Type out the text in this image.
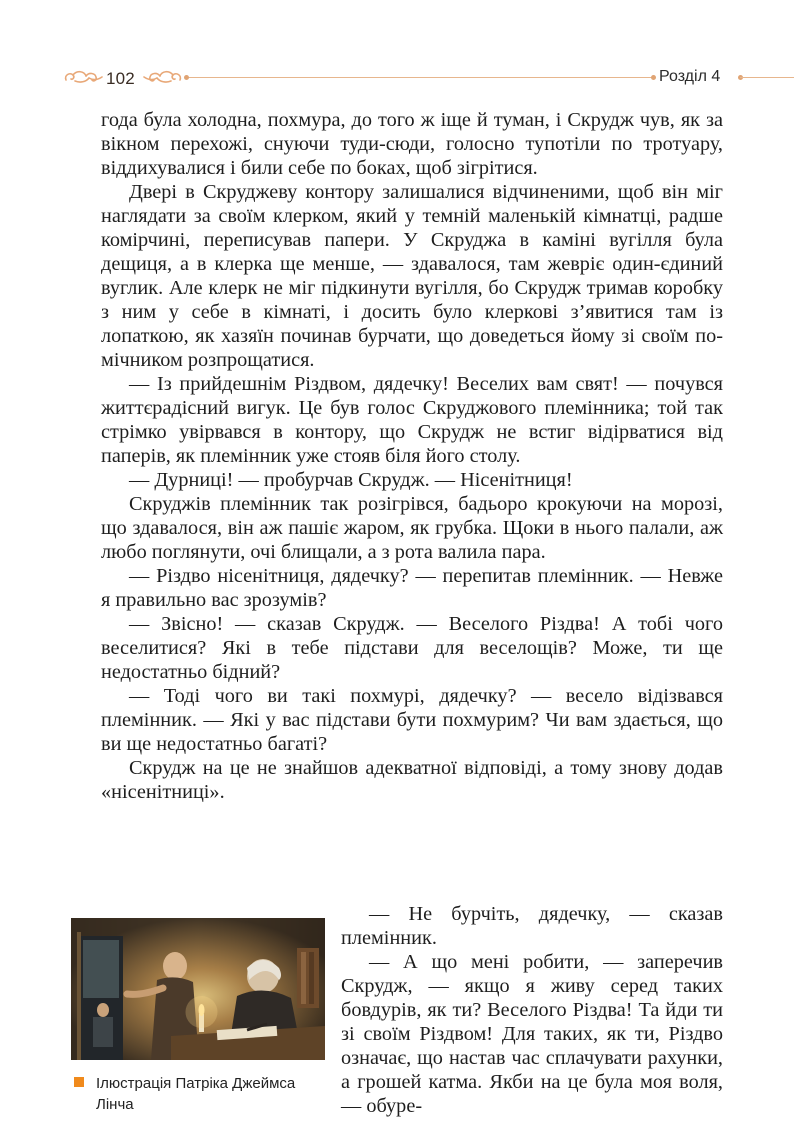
102	Розділ 4

года була холодна, похмура, до того ж іще й туман, і Скрудж чув, як за вікном перехожі, снуючи туди-сюди, голосно тупотіли по тротуару, віддихувалися і били себе по боках, щоб зігрітися.

Двері в Скруджеву контору залишалися відчиненими, щоб він міг наглядати за своїм клерком, який у темній маленькій кімнатці, радше комірчині, переписував папери. У Скруджа в каміні вугілля була дещиця, а в клерка ще менше, — здавалося, там жевріє один-єдиний вуглик. Але клерк не міг підкинути вугілля, бо Скрудж тримав коробку з ним у себе в кімнаті, і досить було клеркові з’явитися там із лопаткою, як хазяїн починав бурчати, що доведеться йому зі своїм помічником розпрощатися.

— Із прийдешнім Різдвом, дядечку! Веселих вам свят! — почувся життєрадісний вигук. Це був голос Скруджового племінника; той так стрімко увірвався в контору, що Скрудж не встиг відірватися від паперів, як племінник уже стояв біля його столу.

— Дурниці! — пробурчав Скрудж. — Нісенітниця!

Скруджів племінник так розігрівся, бадьоро крокуючи на морозі, що здавалося, він аж пашіє жаром, як грубка. Щоки в нього палали, аж любо поглянути, очі блищали, а з рота валила пара.

— Різдво нісенітниця, дядечку? — перепитав племінник. — Невже я правильно вас зрозумів?

— Звісно! — сказав Скрудж. — Веселого Різдва! А тобі чого веселитися? Які в тебе підстави для веселощів? Може, ти ще недостатньо бідний?

— Тоді чого ви такі похмурі, дядечку? — весело відізвався племінник. — Які у вас підстави бути похмурим? Чи вам здається, що ви ще недостатньо багаті?

Скрудж на це не знайшов адекватної відповіді, а тому знову додав «нісенітниці».

Ілюстрація Патріка Джеймса Лінча

— Не бурчіть, дядечку, — сказав племінник.

— А що мені робити, — заперечив Скрудж, — якщо я живу серед таких бовдурів, як ти? Веселого Різдва! Та йди ти зі своїм Різдвом! Для таких, як ти, Різдво означає, що настав час сплачувати рахунки, а грошей катма. Якби на це була моя воля, — обуре-
